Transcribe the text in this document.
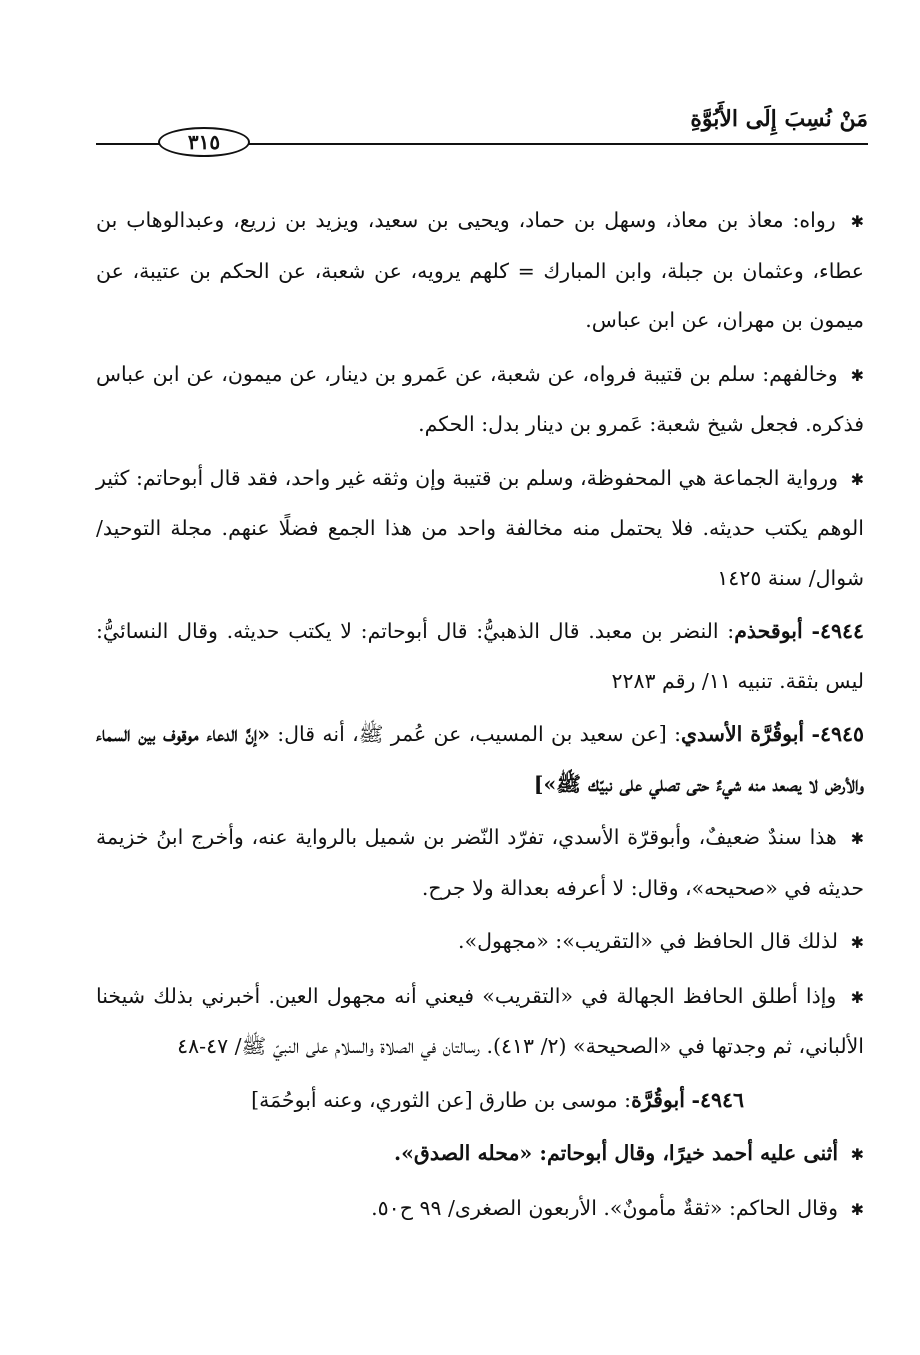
مَنْ نُسِبَ إِلَى الأَبُوَّةِ
٣١٥

✱ رواه: معاذ بن معاذ، وسهل بن حماد، ويحيى بن سعيد، ويزيد بن زريع، وعبدالوهاب بن عطاء، وعثمان بن جبلة، وابن المبارك = كلهم يرويه، عن شعبة، عن الحكم بن عتيبة، عن ميمون بن مهران، عن ابن عباس.

✱ وخالفهم: سلم بن قتيبة فرواه، عن شعبة، عن عَمرو بن دينار، عن ميمون، عن ابن عباس فذكره. فجعل شيخ شعبة: عَمرو بن دينار بدل: الحكم.

✱ ورواية الجماعة هي المحفوظة، وسلم بن قتيبة وإن وثقه غير واحد، فقد قال أبوحاتم: كثير الوهم يكتب حديثه. فلا يحتمل منه مخالفة واحد من هذا الجمع فضلًا عنهم. مجلة التوحيد/ شوال/ سنة ١٤٢٥

٤٩٤٤- أبوقحذم: النضر بن معبد. قال الذهبيُّ: قال أبوحاتم: لا يكتب حديثه. وقال النسائيُّ: ليس بثقة. تنبيه ١١/ رقم ٢٢٨٣

٤٩٤٥- أبوقُرَّة الأسدي: [عن سعيد بن المسيب، عن عُمر ﷺ، أنه قال: «إنَّ الدعاء موقوف بين السماء والأرض لا يصعد منه شيءٌ حتى تصلي على نبيّك ﷺ»]

✱ هذا سندٌ ضعيفٌ، وأبوقرّة الأسدي، تفرّد النّضر بن شميل بالرواية عنه، وأخرج ابنُ خزيمة حديثه في «صحيحه»، وقال: لا أعرفه بعدالة ولا جرح.

✱ لذلك قال الحافظ في «التقريب»: «مجهول».

✱ وإذا أطلق الحافظ الجهالة في «التقريب» فيعني أنه مجهول العين. أخبرني بذلك شيخنا الألباني، ثم وجدتها في «الصحيحة» (٢/ ٤١٣). رسالتان في الصلاة والسلام على النبيّ ﷺ/ ٤٧-٤٨

٤٩٤٦- أبوقُرَّة: موسى بن طارق [عن الثوري، وعنه أبوحُمَة]

✱ أثنى عليه أحمد خيرًا، وقال أبوحاتم: «محله الصدق».

✱ وقال الحاكم: «ثقةٌ مأمونٌ». الأربعون الصغرى/ ٩٩ ح٥٠.
